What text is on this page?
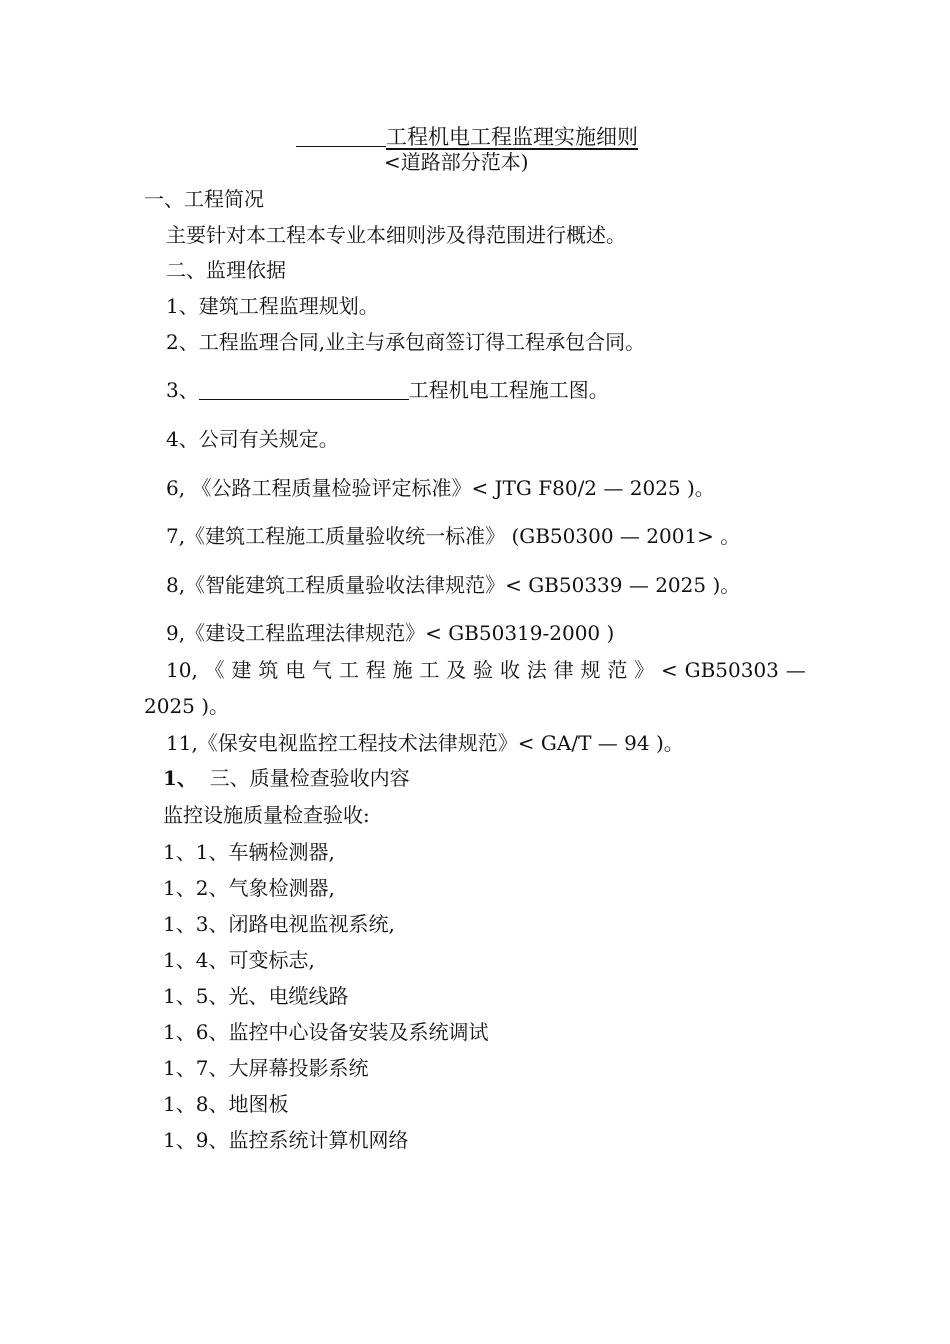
工程机电工程监理实施细则
<道路部分范本)
一、工程简况
主要针对本工程本专业本细则涉及得范围进行概述。
二、监理依据
1、建筑工程监理规划。
2、工程监理合同,业主与承包商签订得工程承包合同。
3、	工程机电工程施工图。
4、公司有关规定。
6, 《公路工程质量检验评定标准》< JTG F80/2 — 2025 )。
7,《建筑工程施工质量验收统一标准》 (GB50300 — 2001> 。
8,《智能建筑工程质量验收法律规范》< GB50339 — 2025 )。
9,《建设工程监理法律规范》< GB50319-2000 )
10, 《 建 筑 电 气 工 程 施 工 及 验 收 法 律 规 范 》 < GB50303 —
2025 )。
11,《保安电视监控工程技术法律规范》< GA/T — 94 )。
1、 三、质量检查验收内容
监控设施质量检查验收:
1、1、车辆检测器,
1、2、气象检测器,
1、3、闭路电视监视系统,
1、4、可变标志,
1、5、光、电缆线路
1、6、监控中心设备安装及系统调试
1、7、大屏幕投影系统
1、8、地图板
1、9、监控系统计算机网络
